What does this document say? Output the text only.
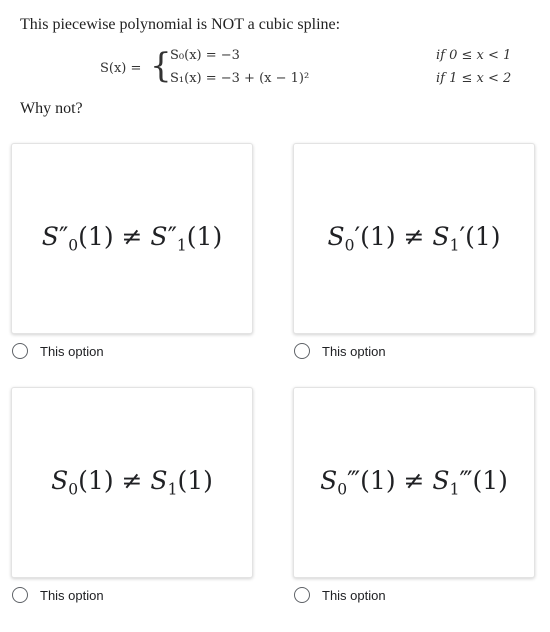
This piecewise polynomial is NOT a cubic spline:
S(x) = {
S₀(x) = −3
S₁(x) = −3 + (x − 1)²
if 0 ≤ x < 1
if 1 ≤ x < 2
Why not?
$S''_0(1) \ne S''_1(1)$
This option
$S_0'(1) \ne S_1'(1)$
This option
$S_0(1) \ne S_1(1)$
This option
$S_0‴(1)$ ≠ $S_1‴(1)$
This option
